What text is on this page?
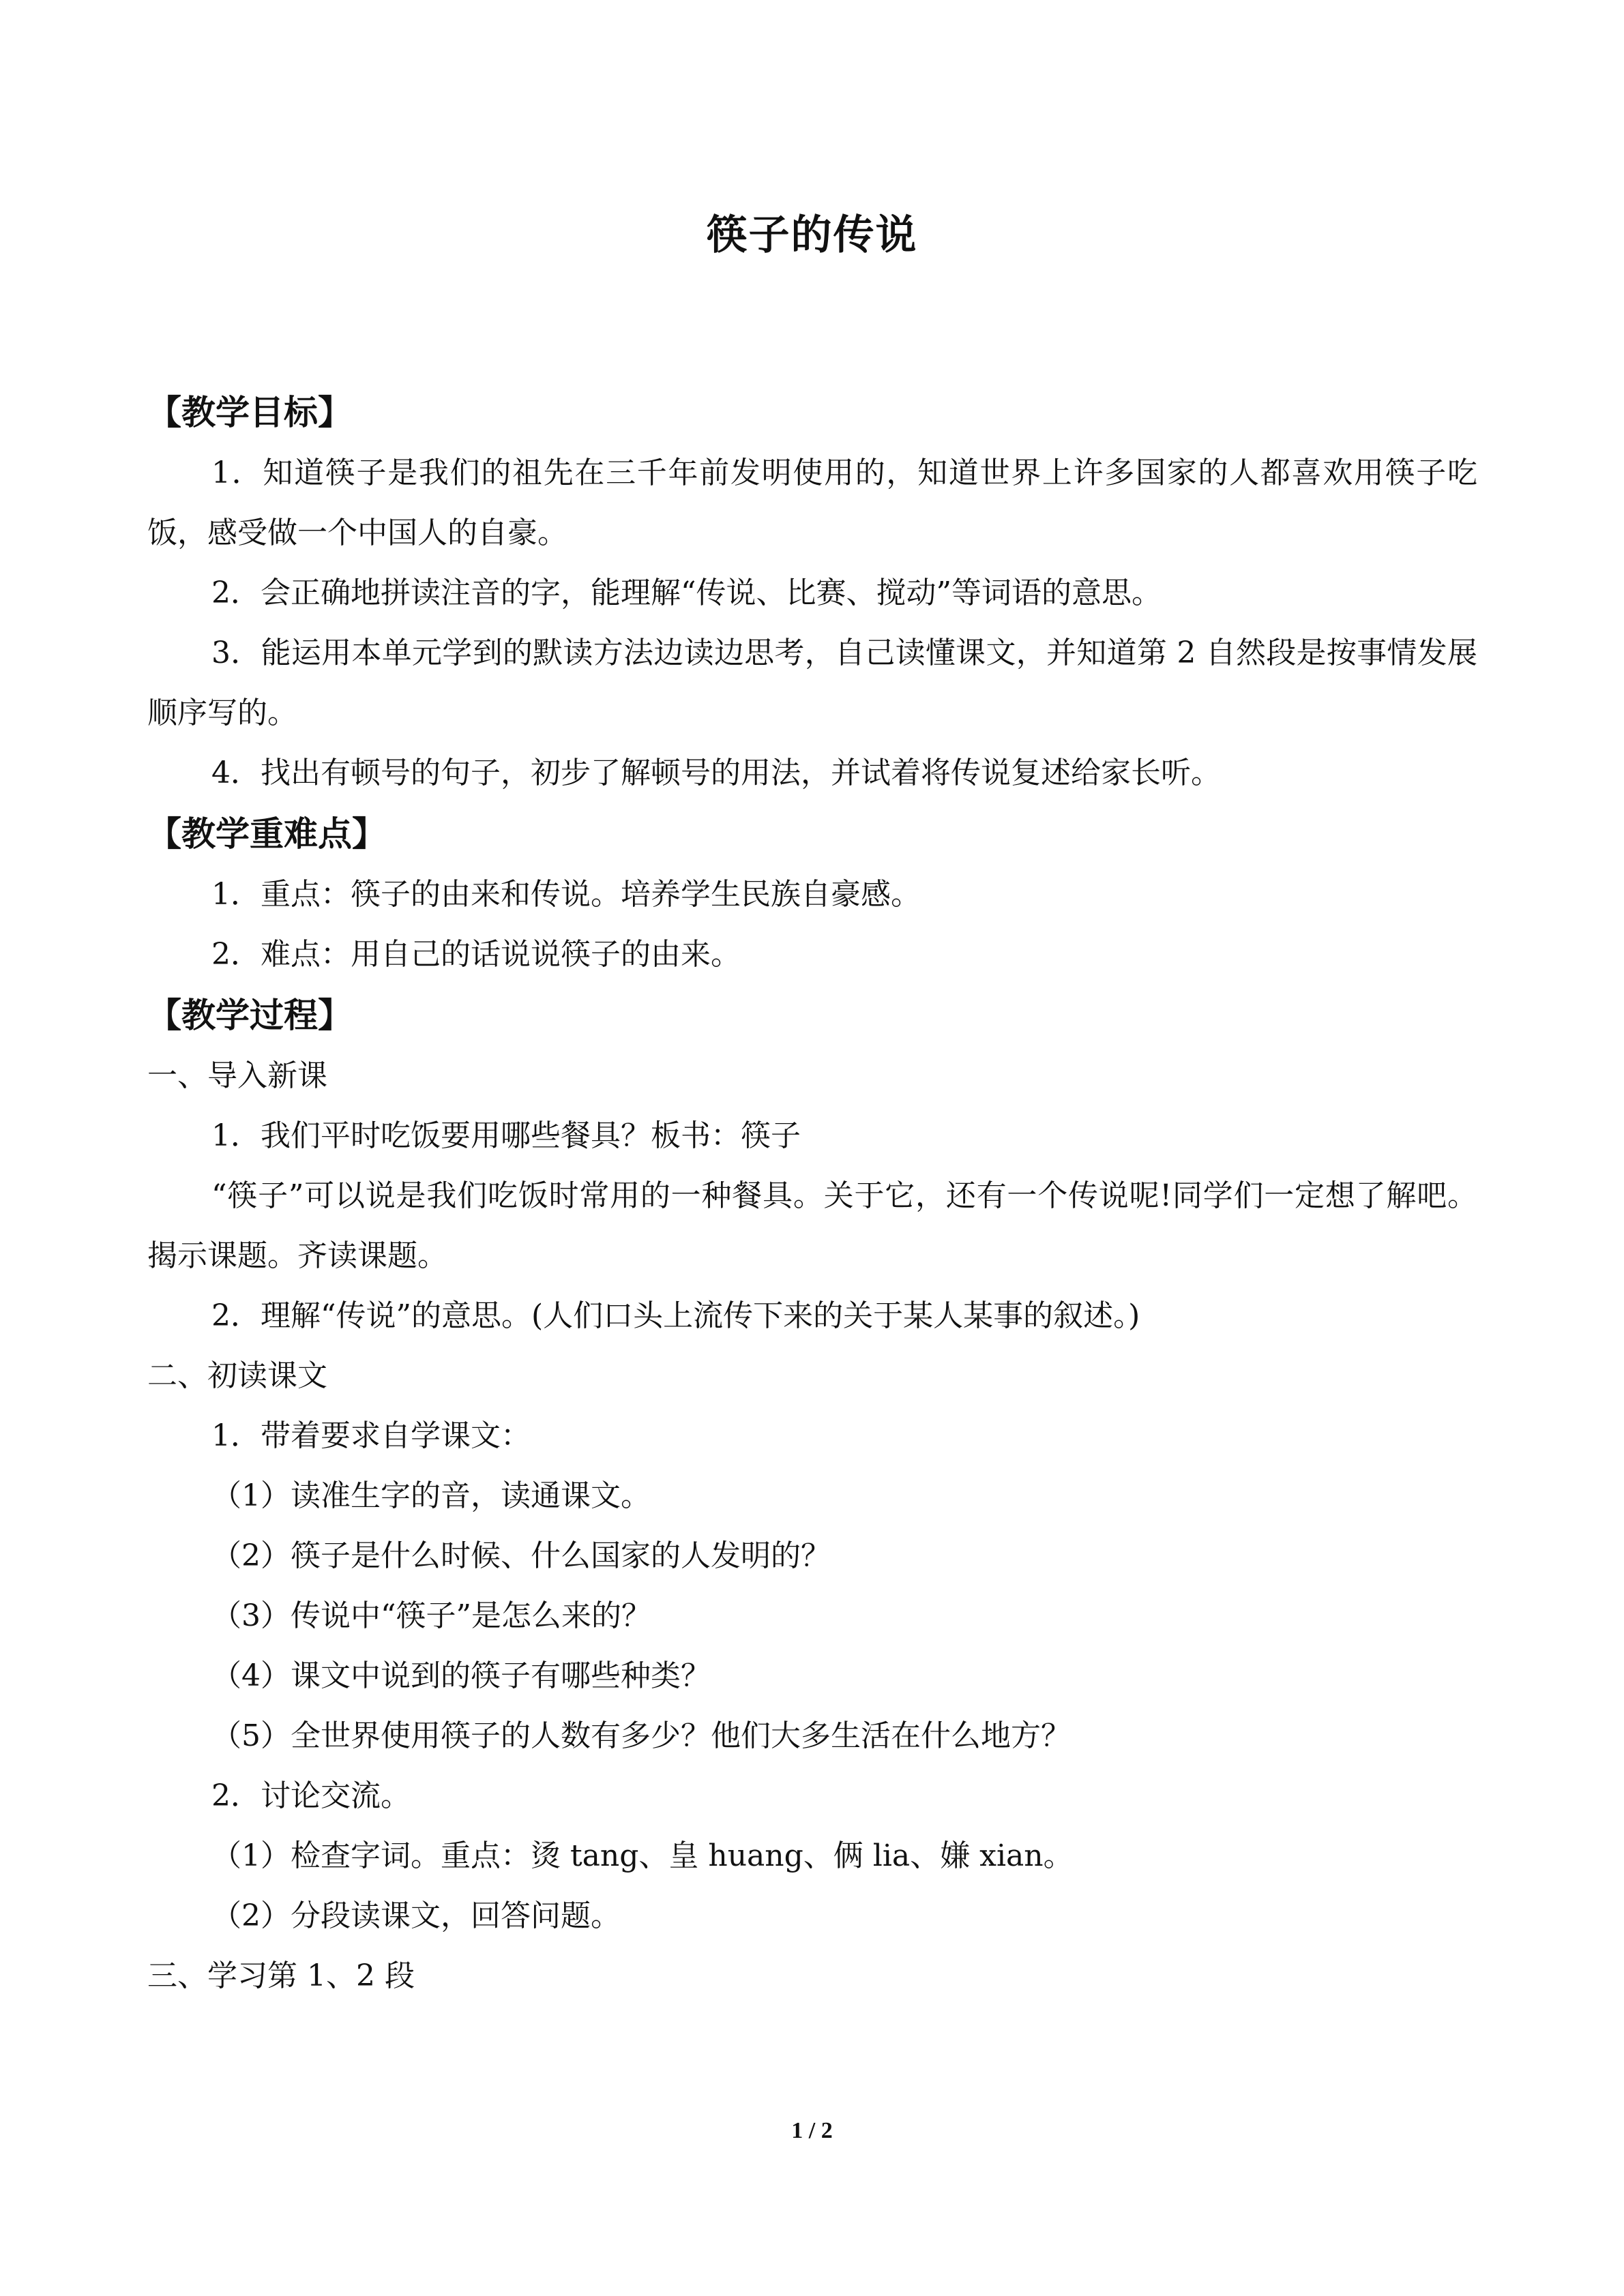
筷子的传说
【教学目标】

1．知道筷子是我们的祖先在三千年前发明使用的，知道世界上许多国家的人都喜欢用筷子吃饭，感受做一个中国人的自豪。

2．会正确地拼读注音的字，能理解“传说、比赛、搅动”等词语的意思。

3．能运用本单元学到的默读方法边读边思考，自己读懂课文，并知道第 2 自然段是按事情发展顺序写的。

4．找出有顿号的句子，初步了解顿号的用法，并试着将传说复述给家长听。

【教学重难点】

1．重点：筷子的由来和传说。培养学生民族自豪感。

2．难点：用自己的话说说筷子的由来。

【教学过程】

一、导入新课

1．我们平时吃饭要用哪些餐具？板书：筷子

“筷子”可以说是我们吃饭时常用的一种餐具。关于它，还有一个传说呢!同学们一定想了解吧。揭示课题。齐读课题。

2．理解“传说”的意思。(人们口头上流传下来的关于某人某事的叙述。)

二、初读课文

1．带着要求自学课文：

（1）读准生字的音，读通课文。

（2）筷子是什么时候、什么国家的人发明的？

（3）传说中“筷子”是怎么来的？

（4）课文中说到的筷子有哪些种类？

（5）全世界使用筷子的人数有多少？他们大多生活在什么地方？

2．讨论交流。

（1）检查字词。重点：烫 tang、皇 huang、俩 lia、嫌 xian。

（2）分段读课文，回答问题。

三、学习第 1、2 段

1 / 2
